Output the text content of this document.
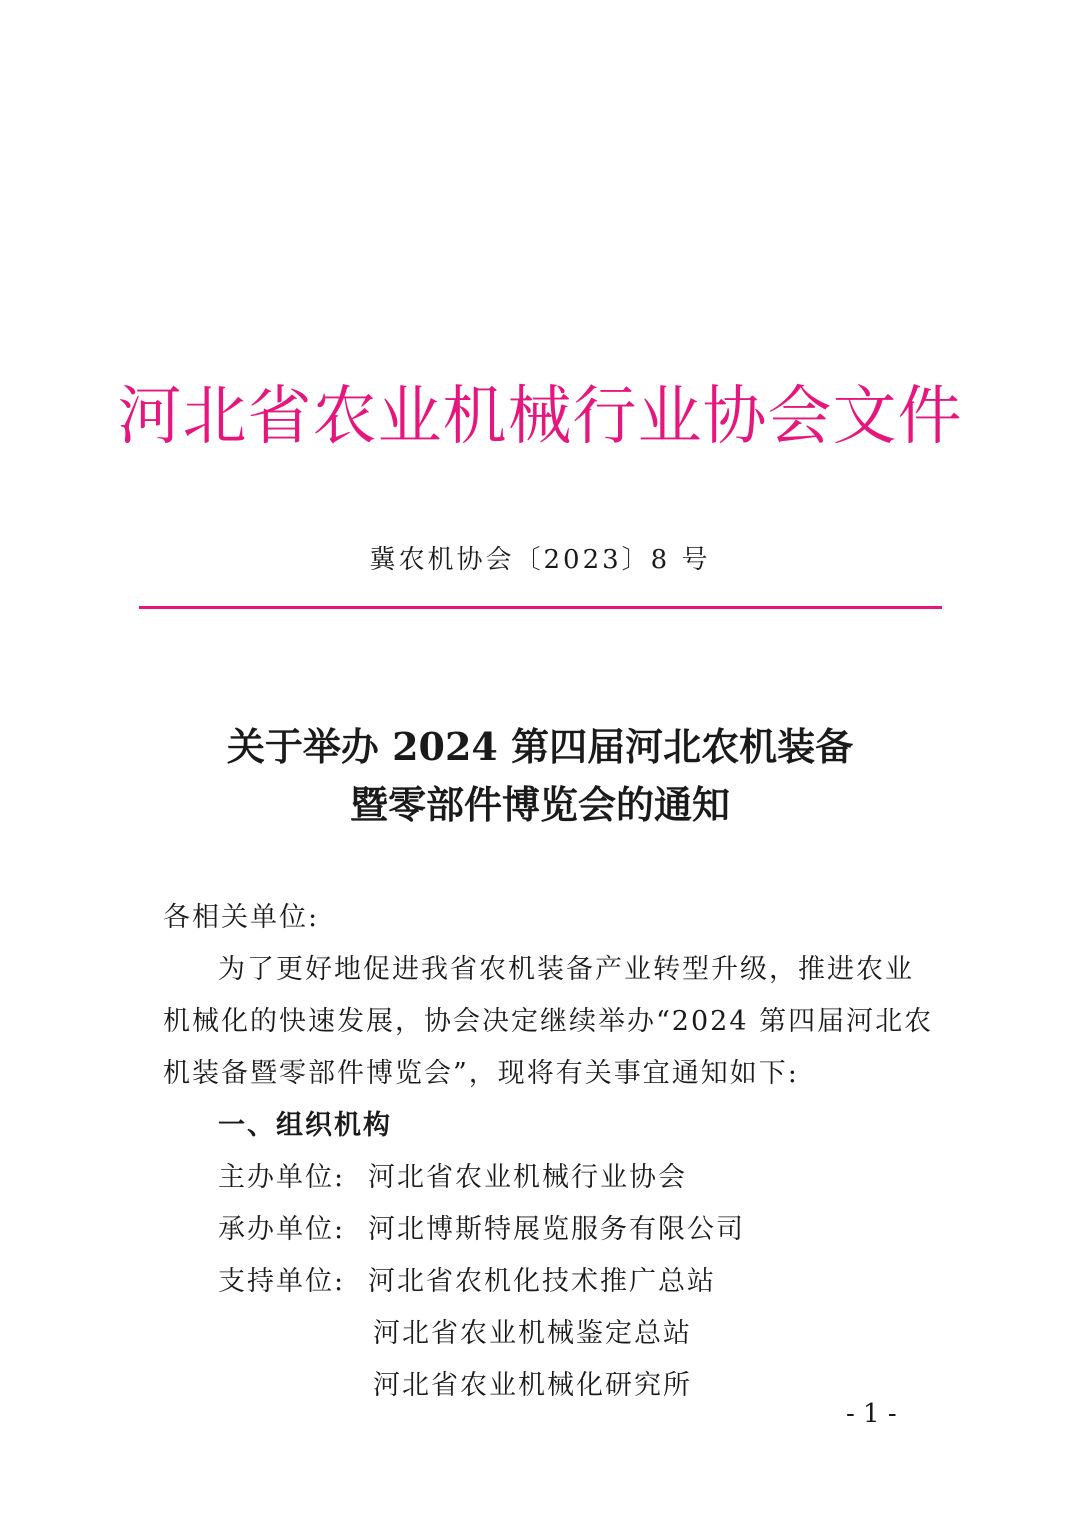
河北省农业机械行业协会文件
冀农机协会〔2023〕8 号
关于举办 2024 第四届河北农机装备
暨零部件博览会的通知
各相关单位:
为了更好地促进我省农机装备产业转型升级，推进农业
机械化的快速发展，协会决定继续举办“2024 第四届河北农
机装备暨零部件博览会”，现将有关事宜通知如下:
一、组织机构
主办单位: 河北省农业机械行业协会
承办单位: 河北博斯特展览服务有限公司
支持单位: 河北省农机化技术推广总站
河北省农业机械鉴定总站
河北省农业机械化研究所
- 1 -
